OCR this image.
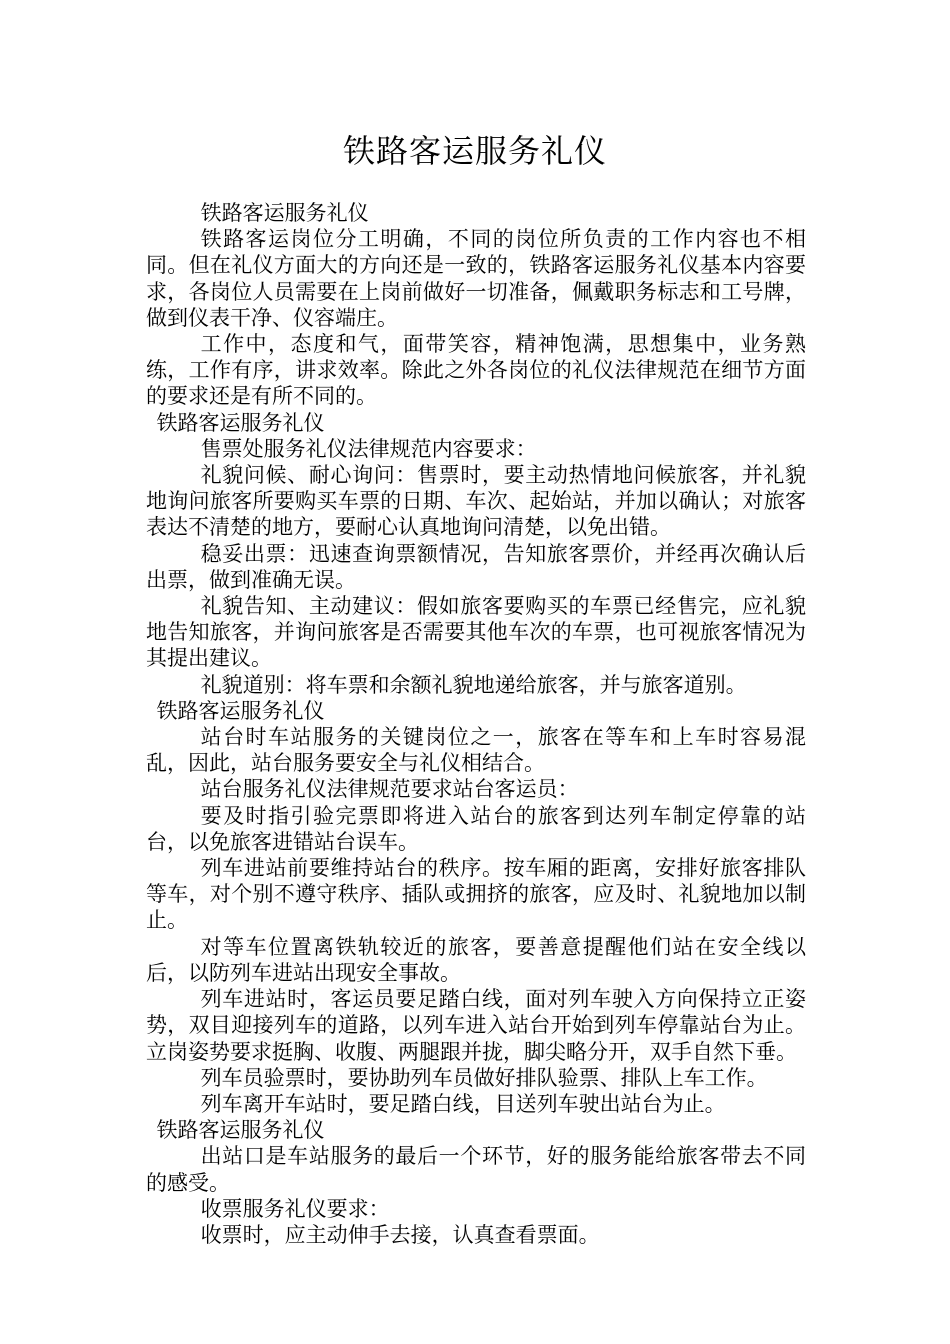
铁路客运服务礼仪

铁路客运服务礼仪

铁路客运岗位分工明确，不同的岗位所负责的工作内容也不相同。但在礼仪方面大的方向还是一致的，铁路客运服务礼仪基本内容要求，各岗位人员需要在上岗前做好一切准备，佩戴职务标志和工号牌，做到仪表干净、仪容端庄。

工作中，态度和气，面带笑容，精神饱满，思想集中，业务熟练，工作有序，讲求效率。除此之外各岗位的礼仪法律规范在细节方面的要求还是有所不同的。

铁路客运服务礼仪

售票处服务礼仪法律规范内容要求：

礼貌问候、耐心询问：售票时，要主动热情地问候旅客，并礼貌地询问旅客所要购买车票的日期、车次、起始站，并加以确认；对旅客表达不清楚的地方，要耐心认真地询问清楚，以免出错。

稳妥出票：迅速查询票额情况，告知旅客票价，并经再次确认后出票，做到准确无误。

礼貌告知、主动建议：假如旅客要购买的车票已经售完，应礼貌地告知旅客，并询问旅客是否需要其他车次的车票，也可视旅客情况为其提出建议。

礼貌道别：将车票和余额礼貌地递给旅客，并与旅客道别。

铁路客运服务礼仪

站台时车站服务的关键岗位之一，旅客在等车和上车时容易混乱，因此，站台服务要安全与礼仪相结合。

站台服务礼仪法律规范要求站台客运员：

要及时指引验完票即将进入站台的旅客到达列车制定停靠的站台，以免旅客进错站台误车。

列车进站前要维持站台的秩序。按车厢的距离，安排好旅客排队等车，对个别不遵守秩序、插队或拥挤的旅客，应及时、礼貌地加以制止。

对等车位置离铁轨较近的旅客，要善意提醒他们站在安全线以后，以防列车进站出现安全事故。

列车进站时，客运员要足踏白线，面对列车驶入方向保持立正姿势，双目迎接列车的道路，以列车进入站台开始到列车停靠站台为止。立岗姿势要求挺胸、收腹、两腿跟并拢，脚尖略分开，双手自然下垂。

列车员验票时，要协助列车员做好排队验票、排队上车工作。

列车离开车站时，要足踏白线，目送列车驶出站台为止。

铁路客运服务礼仪

出站口是车站服务的最后一个环节，好的服务能给旅客带去不同的感受。

收票服务礼仪要求：

收票时，应主动伸手去接，认真查看票面。
